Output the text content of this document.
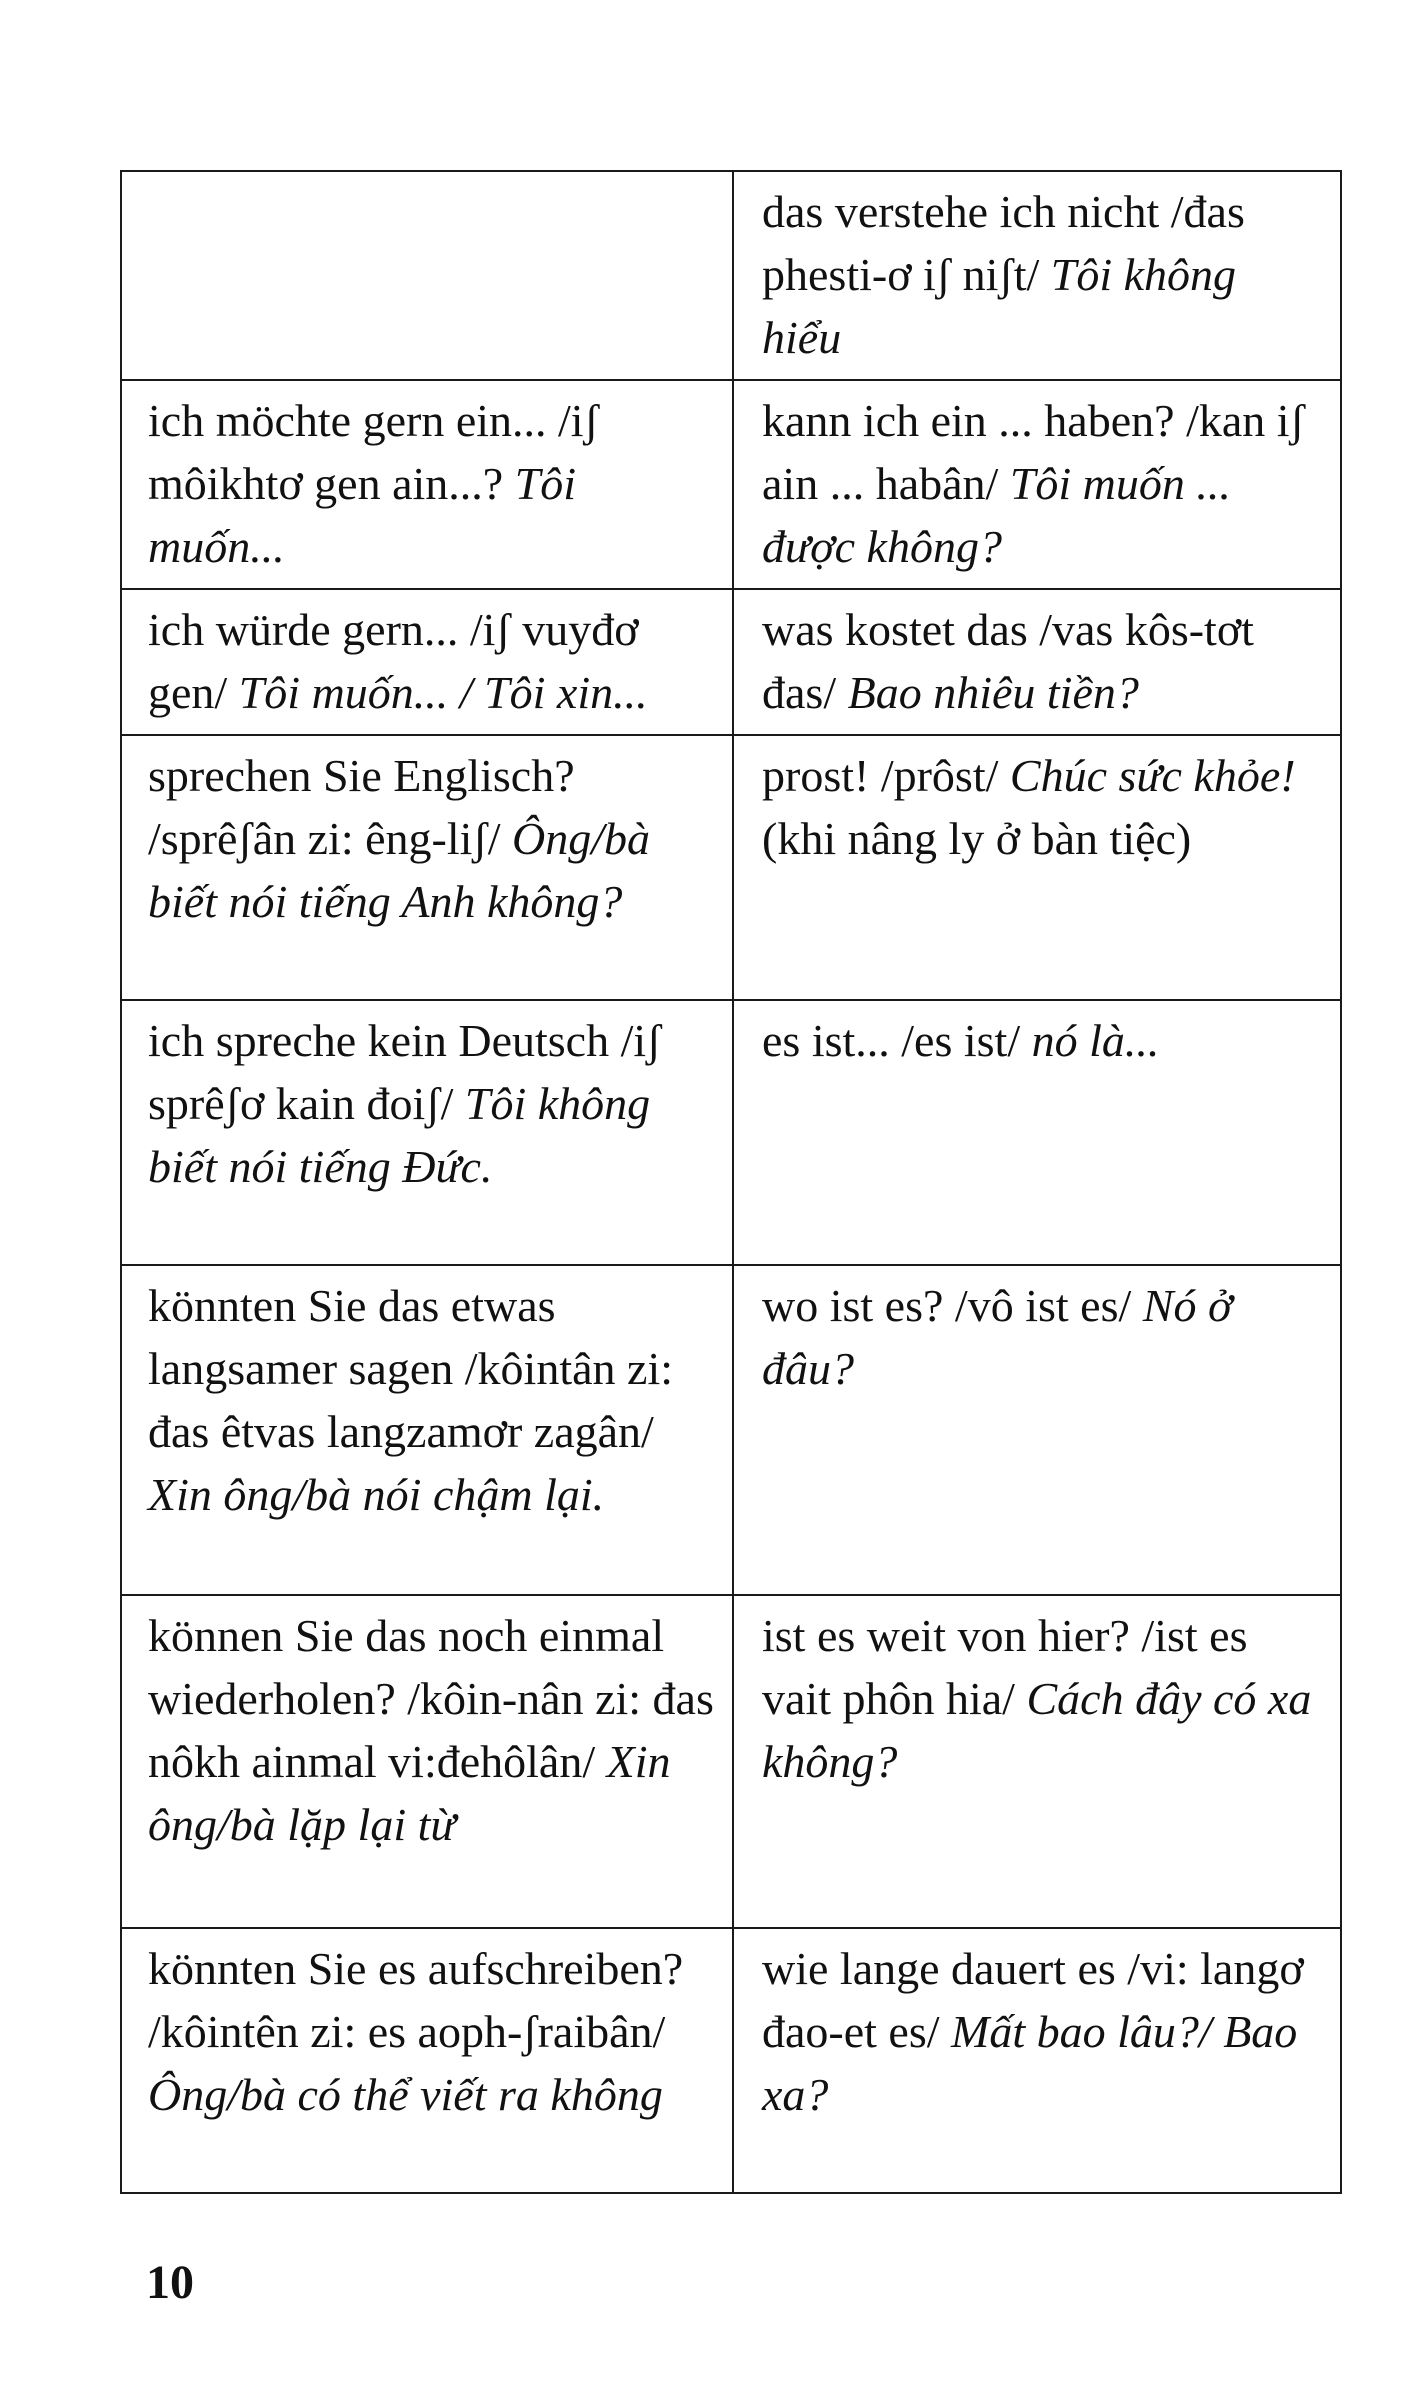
	das verstehe ich nicht /đas phesti-ơ iʃ niʃt/ Tôi không hiểu
ich möchte gern ein... /iʃ môikhtơ gen ain...? Tôi muốn...	kann ich ein ... haben? /kan iʃ ain ... habân/ Tôi muốn ... được không?
ich würde gern... /iʃ vuyđơ gen/ Tôi muốn... / Tôi xin...	was kostet das /vas kôs-tơt đas/ Bao nhiêu tiền?
sprechen Sie Englisch? /sprêʃân zi: êng-liʃ/ Ông/bà biết nói tiếng Anh không?	prost! /prôst/ Chúc sức khỏe!(khi nâng ly ở bàn tiệc)
ich spreche kein Deutsch /iʃ sprêʃơ kain đoiʃ/ Tôi không biết nói tiếng Đức.	es ist... /es ist/ nó là...
könnten Sie das etwas langsamer sagen /kôintân zi: đas êtvas langzamơr zagân/ Xin ông/bà nói chậm lại.	wo ist es? /vô ist es/ Nó ở đâu?
können Sie das noch einmal wiederholen? /kôin-nân zi: đas nôkh ainmal vi:đehôlân/ Xin ông/bà lặp lại từ	ist es weit von hier? /ist es vait phôn hia/ Cách đây có xa không?
könnten Sie es aufschreiben? /kôintên zi: es aoph-ʃraibân/ Ông/bà có thể viết ra không	wie lange dauert es /vi: langơ đao-et es/ Mất bao lâu?/ Bao xa?
10
